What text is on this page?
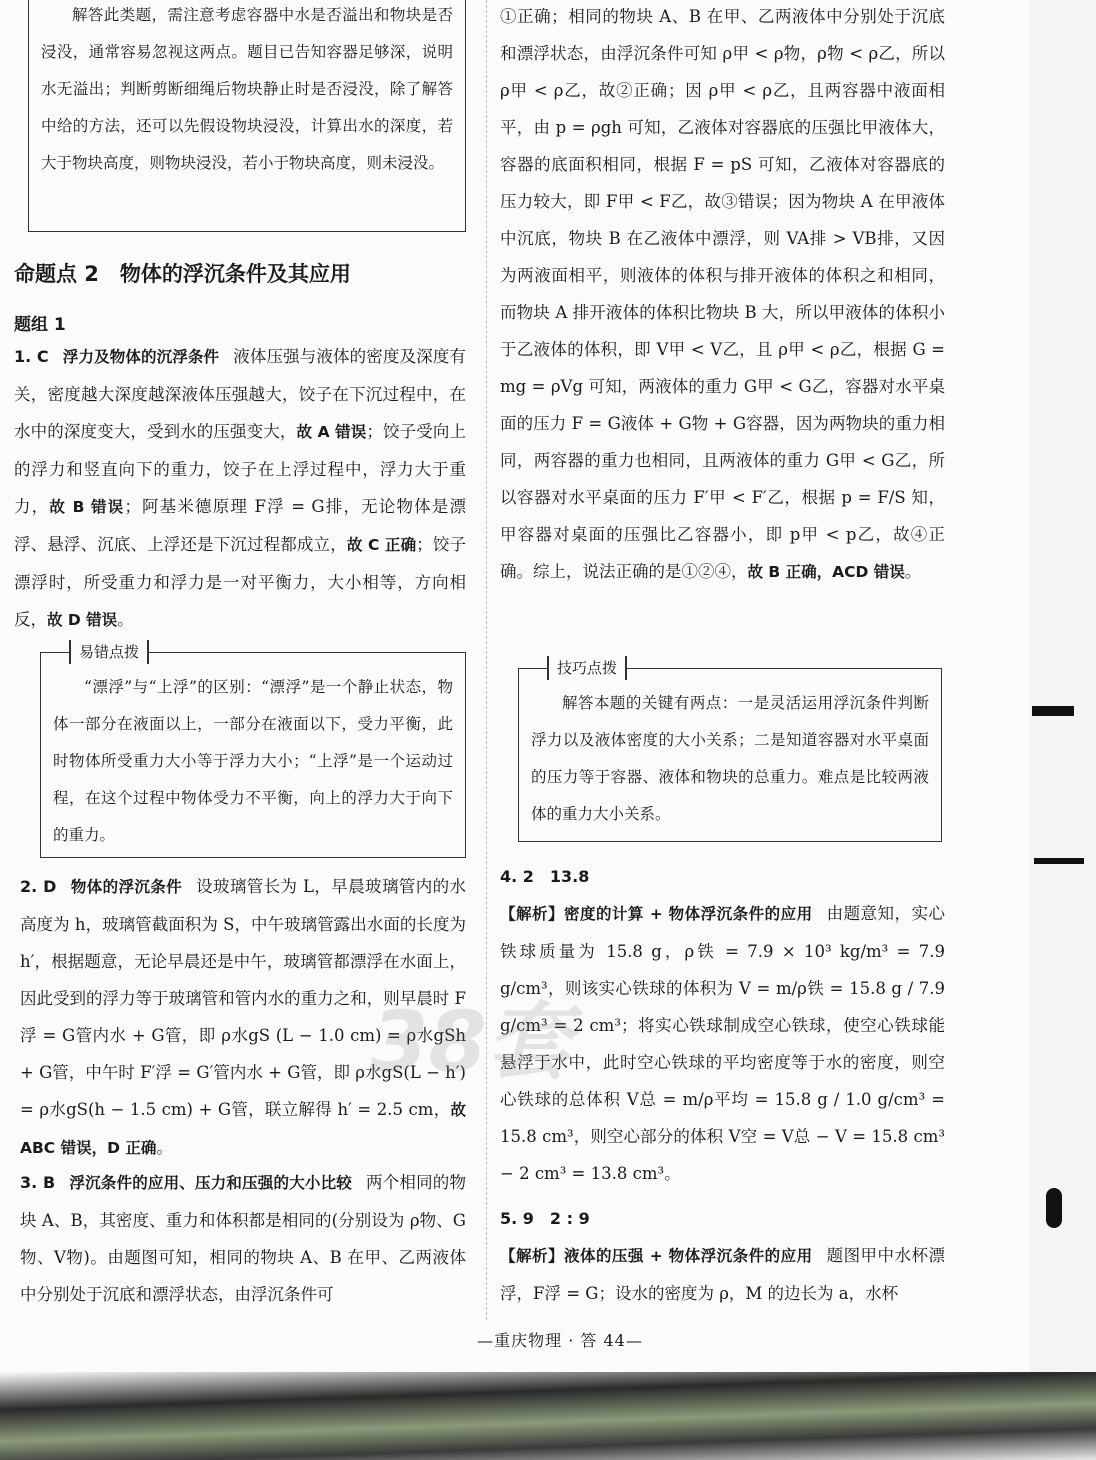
解答此类题，需注意考虑容器中水是否溢出和物块是否浸没，通常容易忽视这两点。题目已告知容器足够深，说明水无溢出；判断剪断细绳后物块静止时是否浸没，除了解答中给的方法，还可以先假设物块浸没，计算出水的深度，若大于物块高度，则物块浸没，若小于物块高度，则未浸没。

命题点 2　物体的浮沉条件及其应用
题组 1

1. C 浮力及物体的沉浮条件 液体压强与液体的密度及深度有关，密度越大深度越深液体压强越大，饺子在下沉过程中，在水中的深度变大，受到水的压强变大，故 A 错误；饺子受向上的浮力和竖直向下的重力，饺子在上浮过程中，浮力大于重力，故 B 错误；阿基米德原理 F浮 = G排，无论物体是漂浮、悬浮、沉底、上浮还是下沉过程都成立，故 C 正确；饺子漂浮时，所受重力和浮力是一对平衡力，大小相等，方向相反，故 D 错误。

易错点拨

“漂浮”与“上浮”的区别：“漂浮”是一个静止状态，物体一部分在液面以上，一部分在液面以下，受力平衡，此时物体所受重力大小等于浮力大小；“上浮”是一个运动过程，在这个过程中物体受力不平衡，向上的浮力大于向下的重力。

2. D 物体的浮沉条件 设玻璃管长为 L，早晨玻璃管内的水高度为 h，玻璃管截面积为 S，中午玻璃管露出水面的长度为 h′，根据题意，无论早晨还是中午，玻璃管都漂浮在水面上，因此受到的浮力等于玻璃管和管内水的重力之和，则早晨时 F浮 = G管内水 + G管，即 ρ水gS (L − 1.0 cm) = ρ水gSh + G管，中午时 F′浮 = G′管内水 + G管，即 ρ水gS(L − h′) = ρ水gS(h − 1.5 cm) + G管，联立解得 h′ = 2.5 cm，故 ABC 错误，D 正确。

3. B 浮沉条件的应用、压力和压强的大小比较 两个相同的物块 A、B，其密度、重力和体积都是相同的(分别设为 ρ物、G物、V物)。由题图可知，相同的物块 A、B 在甲、乙两液体中分别处于沉底和漂浮状态，由浮沉条件可

①正确；相同的物块 A、B 在甲、乙两液体中分别处于沉底和漂浮状态，由浮沉条件可知 ρ甲 < ρ物，ρ物 < ρ乙，所以 ρ甲 < ρ乙，故②正确；因 ρ甲 < ρ乙，且两容器中液面相平，由 p = ρgh 可知，乙液体对容器底的压强比甲液体大，容器的底面积相同，根据 F = pS 可知，乙液体对容器底的压力较大，即 F甲 < F乙，故③错误；因为物块 A 在甲液体中沉底，物块 B 在乙液体中漂浮，则 VA排 > VB排，又因为两液面相平，则液体的体积与排开液体的体积之和相同，而物块 A 排开液体的体积比物块 B 大，所以甲液体的体积小于乙液体的体积，即 V甲 < V乙，且 ρ甲 < ρ乙，根据 G = mg = ρVg 可知，两液体的重力 G甲 < G乙，容器对水平桌面的压力 F = G液体 + G物 + G容器，因为两物块的重力相同，两容器的重力也相同，且两液体的重力 G甲 < G乙，所以容器对水平桌面的压力 F′甲 < F′乙，根据 p = F/S 知，甲容器对桌面的压强比乙容器小，即 p甲 < p乙，故④正确。综上，说法正确的是①②④，故 B 正确，ACD 错误。

技巧点拨

解答本题的关键有两点：一是灵活运用浮沉条件判断浮力以及液体密度的大小关系；二是知道容器对水平桌面的压力等于容器、液体和物块的总重力。难点是比较两液体的重力大小关系。

4. 2　13.8

【解析】密度的计算 + 物体浮沉条件的应用 由题意知，实心铁球质量为 15.8 g，ρ铁 = 7.9 × 10³ kg/m³ = 7.9 g/cm³，则该实心铁球的体积为 V = m/ρ铁 = 15.8 g / 7.9 g/cm³ = 2 cm³；将实心铁球制成空心铁球，使空心铁球能悬浮于水中，此时空心铁球的平均密度等于水的密度，则空心铁球的总体积 V总 = m/ρ平均 = 15.8 g / 1.0 g/cm³ = 15.8 cm³，则空心部分的体积 V空 = V总 − V = 15.8 cm³ − 2 cm³ = 13.8 cm³。

5. 9　2 : 9

【解析】液体的压强 + 物体浮沉条件的应用 题图甲中水杯漂浮，F浮 = G；设水的密度为 ρ，M 的边长为 a，水杯

38套
—重庆物理 · 答 44—
